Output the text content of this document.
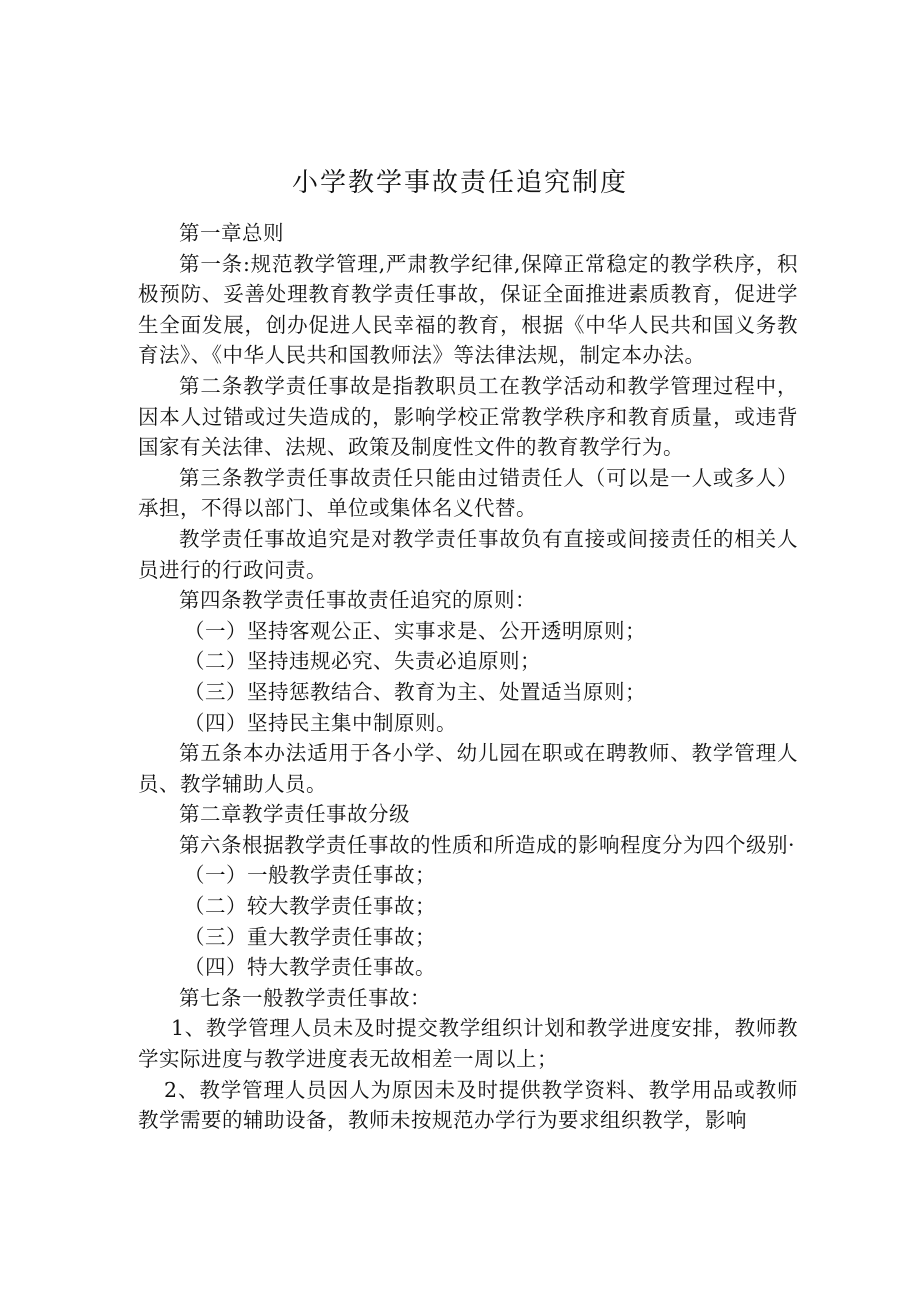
小学教学事故责任追究制度

第一章总则

第一条:规范教学管理,严肃教学纪律,保障正常稳定的教学秩序，积极预防、妥善处理教育教学责任事故，保证全面推进素质教育，促进学生全面发展，创办促进人民幸福的教育，根据《中华人民共和国义务教育法》、《中华人民共和国教师法》等法律法规，制定本办法。

第二条教学责任事故是指教职员工在教学活动和教学管理过程中，因本人过错或过失造成的，影响学校正常教学秩序和教育质量，或违背国家有关法律、法规、政策及制度性文件的教育教学行为。

第三条教学责任事故责任只能由过错责任人（可以是一人或多人）承担，不得以部门、单位或集体名义代替。

教学责任事故追究是对教学责任事故负有直接或间接责任的相关人员进行的行政问责。

第四条教学责任事故责任追究的原则：

（一）坚持客观公正、实事求是、公开透明原则；

（二）坚持违规必究、失责必追原则；

（三）坚持惩教结合、教育为主、处置适当原则；

（四）坚持民主集中制原则。

第五条本办法适用于各小学、幼儿园在职或在聘教师、教学管理人员、教学辅助人员。

第二章教学责任事故分级

第六条根据教学责任事故的性质和所造成的影响程度分为四个级别·

（一）一般教学责任事故；

（二）较大教学责任事故；

（三）重大教学责任事故；

（四）特大教学责任事故。

第七条一般教学责任事故：

1、教学管理人员未及时提交教学组织计划和教学进度安排，教师教学实际进度与教学进度表无故相差一周以上；

2、教学管理人员因人为原因未及时提供教学资料、教学用品或教师教学需要的辅助设备，教师未按规范办学行为要求组织教学，影响
